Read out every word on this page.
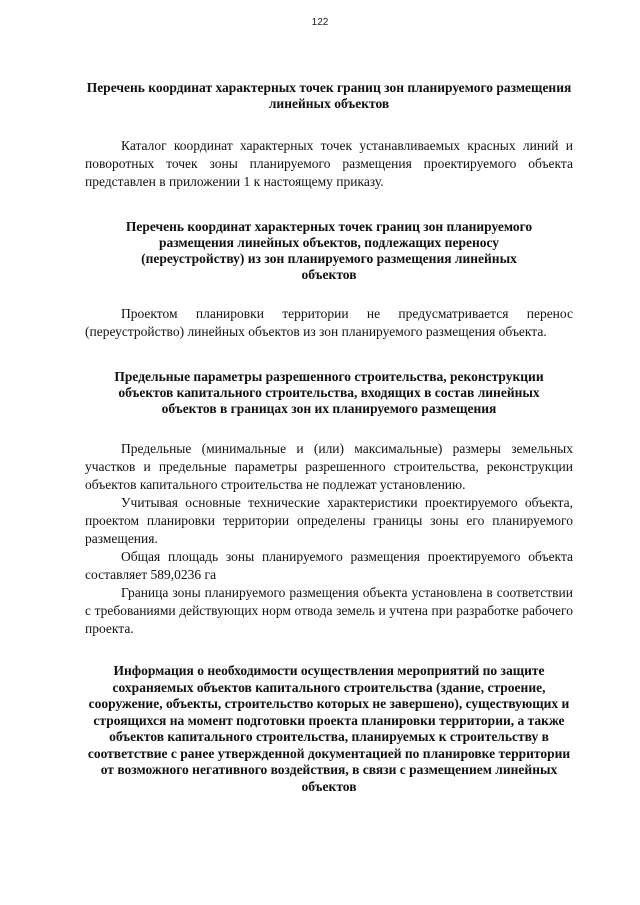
122
Перечень координат характерных точек границ зон планируемого размещения линейных объектов

Каталог координат характерных точек устанавливаемых красных линий и поворотных точек зоны планируемого размещения проектируемого объекта представлен в приложении 1 к настоящему приказу.

Перечень координат характерных точек границ зон планируемого размещения линейных объектов, подлежащих переносу (переустройству) из зон планируемого размещения линейных объектов

Проектом планировки территории не предусматривается перенос (переустройство) линейных объектов из зон планируемого размещения объекта.

Предельные параметры разрешенного строительства, реконструкции объектов капитального строительства, входящих в состав линейных объектов в границах зон их планируемого размещения

Предельные (минимальные и (или) максимальные) размеры земельных участков и предельные параметры разрешенного строительства, реконструкции объектов капитального строительства не подлежат установлению.

Учитывая основные технические характеристики проектируемого объекта, проектом планировки территории определены границы зоны его планируемого размещения.

Общая площадь зоны планируемого размещения проектируемого объекта составляет 589,0236 га

Граница зоны планируемого размещения объекта установлена в соответствии с требованиями действующих норм отвода земель и учтена при разработке рабочего проекта.

Информация о необходимости осуществления мероприятий по защите сохраняемых объектов капитального строительства (здание, строение, сооружение, объекты, строительство которых не завершено), существующих и строящихся на момент подготовки проекта планировки территории, а также объектов капитального строительства, планируемых к строительству в соответствие с ранее утвержденной документацией по планировке территории от возможного негативного воздействия, в связи с размещением линейных объектов
